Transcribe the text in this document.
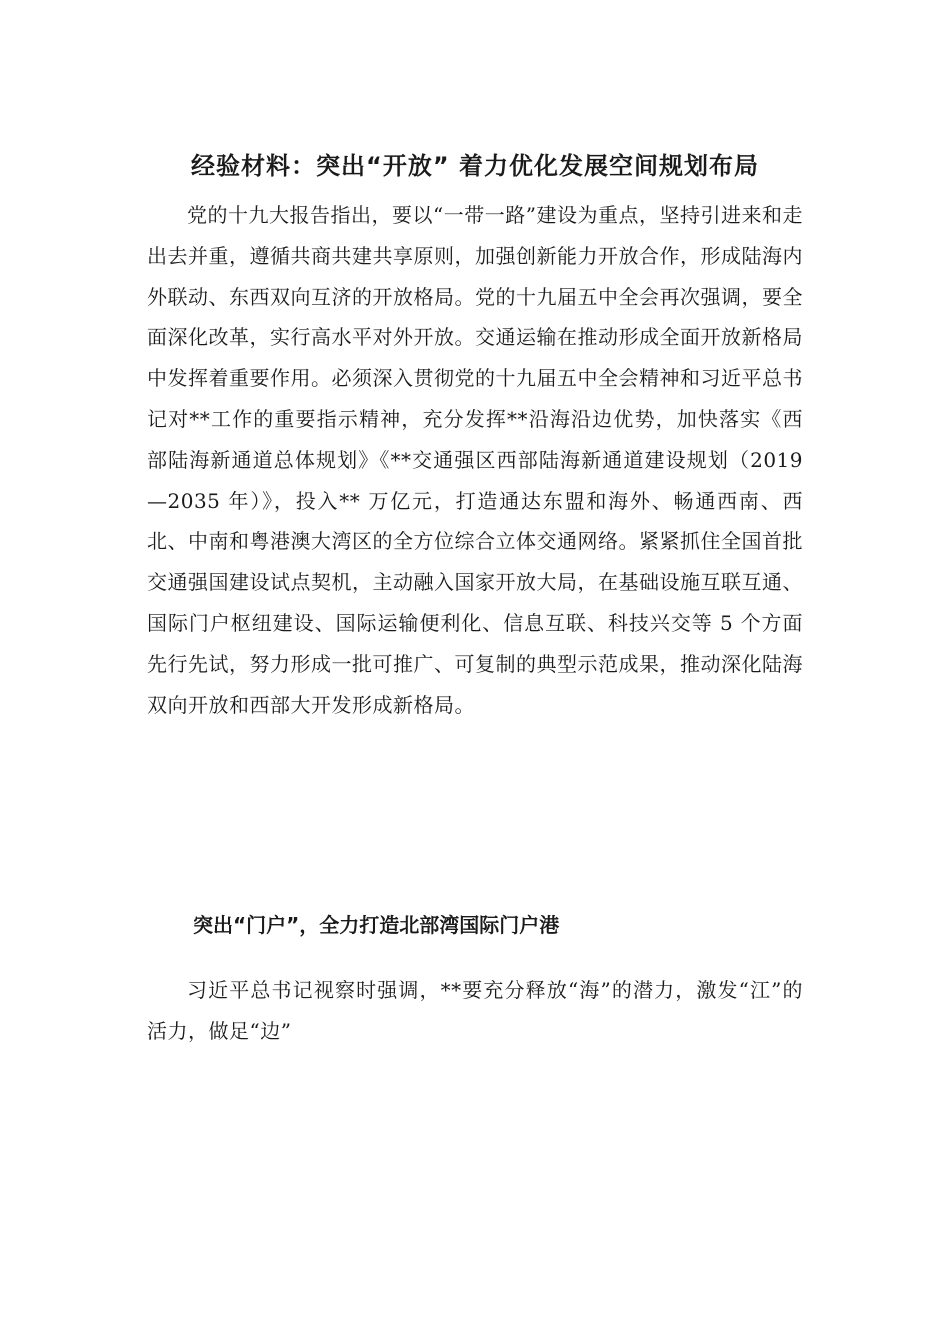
经验材料：突出“开放” 着力优化发展空间规划布局

党的十九大报告指出，要以“一带一路”建设为重点，坚持引进来和走出去并重，遵循共商共建共享原则，加强创新能力开放合作，形成陆海内外联动、东西双向互济的开放格局。党的十九届五中全会再次强调，要全面深化改革，实行高水平对外开放。交通运输在推动形成全面开放新格局中发挥着重要作用。必须深入贯彻党的十九届五中全会精神和习近平总书记对**工作的重要指示精神，充分发挥**沿海沿边优势，加快落实《西部陆海新通道总体规划》《**交通强区西部陆海新通道建设规划（2019—2035 年）》，投入** 万亿元，打造通达东盟和海外、畅通西南、西北、中南和粤港澳大湾区的全方位综合立体交通网络。紧紧抓住全国首批交通强国建设试点契机，主动融入国家开放大局，在基础设施互联互通、国际门户枢纽建设、国际运输便利化、信息互联、科技兴交等 5 个方面先行先试，努力形成一批可推广、可复制的典型示范成果，推动深化陆海双向开放和西部大开发形成新格局。

突出“门户”，全力打造北部湾国际门户港

习近平总书记视察时强调，**要充分释放“海”的潜力，激发“江”的活力，做足“边”
